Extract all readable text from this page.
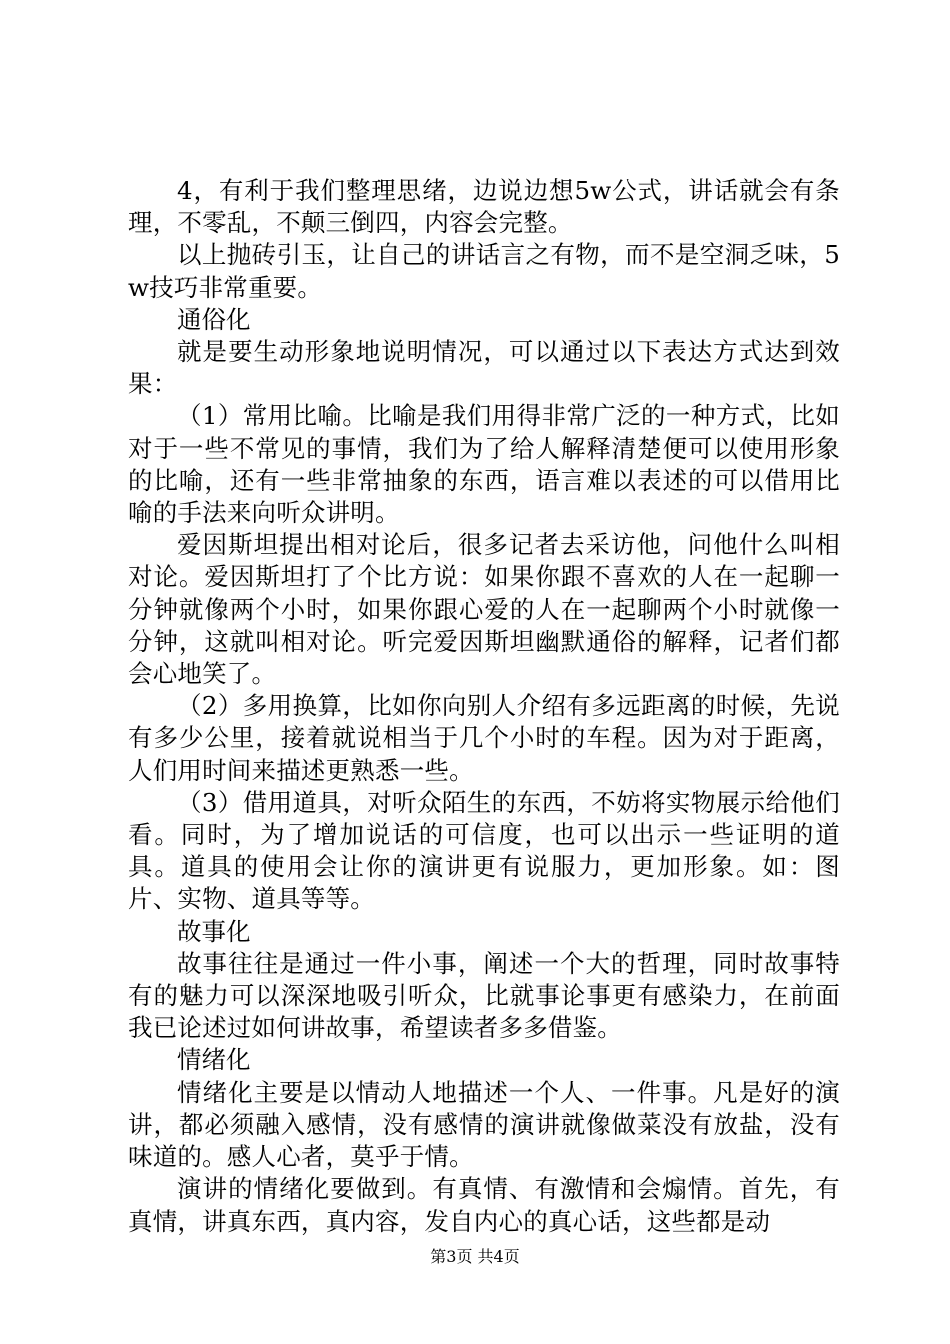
4，有利于我们整理思绪，边说边想5w公式，讲话就会有条理，不零乱，不颠三倒四，内容会完整。

以上抛砖引玉，让自己的讲话言之有物，而不是空洞乏味，5w技巧非常重要。

通俗化

就是要生动形象地说明情况，可以通过以下表达方式达到效果：

（1）常用比喻。比喻是我们用得非常广泛的一种方式，比如对于一些不常见的事情，我们为了给人解释清楚便可以使用形象的比喻，还有一些非常抽象的东西，语言难以表述的可以借用比喻的手法来向听众讲明。

爱因斯坦提出相对论后，很多记者去采访他，问他什么叫相对论。爱因斯坦打了个比方说：如果你跟不喜欢的人在一起聊一分钟就像两个小时，如果你跟心爱的人在一起聊两个小时就像一分钟，这就叫相对论。听完爱因斯坦幽默通俗的解释，记者们都会心地笑了。

（2）多用换算，比如你向别人介绍有多远距离的时候，先说有多少公里，接着就说相当于几个小时的车程。因为对于距离，人们用时间来描述更熟悉一些。

（3）借用道具，对听众陌生的东西，不妨将实物展示给他们看。同时，为了增加说话的可信度，也可以出示一些证明的道具。道具的使用会让你的演讲更有说服力，更加形象。如：图片、实物、道具等等。

故事化

故事往往是通过一件小事，阐述一个大的哲理，同时故事特有的魅力可以深深地吸引听众，比就事论事更有感染力，在前面我已论述过如何讲故事，希望读者多多借鉴。

情绪化

情绪化主要是以情动人地描述一个人、一件事。凡是好的演讲，都必须融入感情，没有感情的演讲就像做菜没有放盐，没有味道的。感人心者，莫乎于情。

演讲的情绪化要做到。有真情、有激情和会煽情。首先，有真情，讲真东西，真内容，发自内心的真心话，这些都是动

第3页 共4页
